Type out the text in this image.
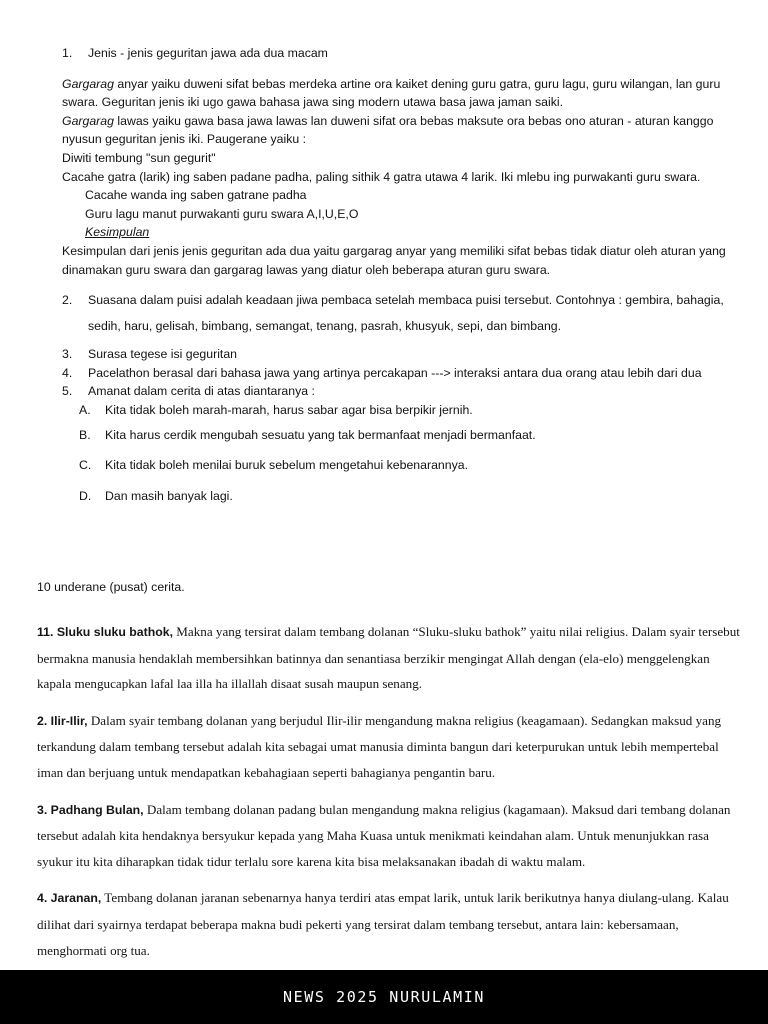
1.	Jenis - jenis geguritan jawa ada dua macam

Gargarag anyar yaiku duweni sifat bebas merdeka artine ora kaiket dening guru gatra, guru lagu, guru wilangan, lan guru swara. Geguritan jenis iki ugo gawa bahasa jawa sing modern utawa basa jawa jaman saiki.

Gargarag lawas yaiku gawa basa jawa lawas lan duweni sifat ora bebas maksute ora bebas ono aturan - aturan kanggo nyusun geguritan jenis iki. Paugerane yaiku :

Diwiti tembung "sun gegurit"

Cacahe gatra (larik) ing saben padane padha, paling sithik 4 gatra utawa 4 larik. Iki mlebu ing purwakanti guru swara.

Cacahe wanda ing saben gatrane padha

Guru lagu manut purwakanti guru swara A,I,U,E,O

Kesimpulan

Kesimpulan dari jenis jenis geguritan ada dua yaitu gargarag anyar yang memiliki sifat bebas tidak diatur oleh aturan yang dinamakan guru swara dan gargarag lawas yang diatur oleh beberapa aturan guru swara.

2.	Suasana dalam puisi adalah keadaan jiwa pembaca setelah membaca puisi tersebut. Contohnya : gembira, bahagia, sedih, haru, gelisah, bimbang, semangat, tenang, pasrah, khusyuk, sepi, dan bimbang.
3.	Surasa tegese isi geguritan
4.	Pacelathon berasal dari bahasa jawa yang artinya percakapan ---> interaksi antara dua orang atau lebih dari dua
5.	Amanat dalam cerita di atas diantaranya :
A.	Kita tidak boleh marah-marah, harus sabar agar bisa berpikir jernih.
B.	Kita harus cerdik mengubah sesuatu yang tak bermanfaat menjadi bermanfaat.
C.	Kita tidak boleh menilai buruk sebelum mengetahui kebenarannya.
D.	Dan masih banyak lagi.
10 underane (pusat) cerita.

11. Sluku sluku bathok, Makna yang tersirat dalam tembang dolanan “Sluku-sluku bathok” yaitu nilai religius. Dalam syair tersebut bermakna manusia hendaklah membersihkan batinnya dan senantiasa berzikir mengingat Allah dengan (ela-elo) menggelengkan kapala mengucapkan lafal laa illa ha illallah disaat susah maupun senang.

2. Ilir-Ilir, Dalam syair tembang dolanan yang berjudul Ilir-ilir mengandung makna religius (keagamaan). Sedangkan maksud yang terkandung dalam tembang tersebut adalah kita sebagai umat manusia diminta bangun dari keterpurukan untuk lebih mempertebal iman dan berjuang untuk mendapatkan kebahagiaan seperti bahagianya pengantin baru.

3. Padhang Bulan, Dalam tembang dolanan padang bulan mengandung makna religius (kagamaan). Maksud dari tembang dolanan tersebut adalah kita hendaknya bersyukur kepada yang Maha Kuasa untuk menikmati keindahan alam. Untuk menunjukkan rasa syukur itu kita diharapkan tidak tidur terlalu sore karena kita bisa melaksanakan ibadah di waktu malam.

4. Jaranan, Tembang dolanan jaranan sebenarnya hanya terdiri atas empat larik, untuk larik berikutnya hanya diulang-ulang. Kalau dilihat dari syairnya terdapat beberapa makna budi pekerti yang tersirat dalam tembang tersebut, antara lain: kebersamaan, menghormati org tua.

NEWS 2025 NURULAMIN
